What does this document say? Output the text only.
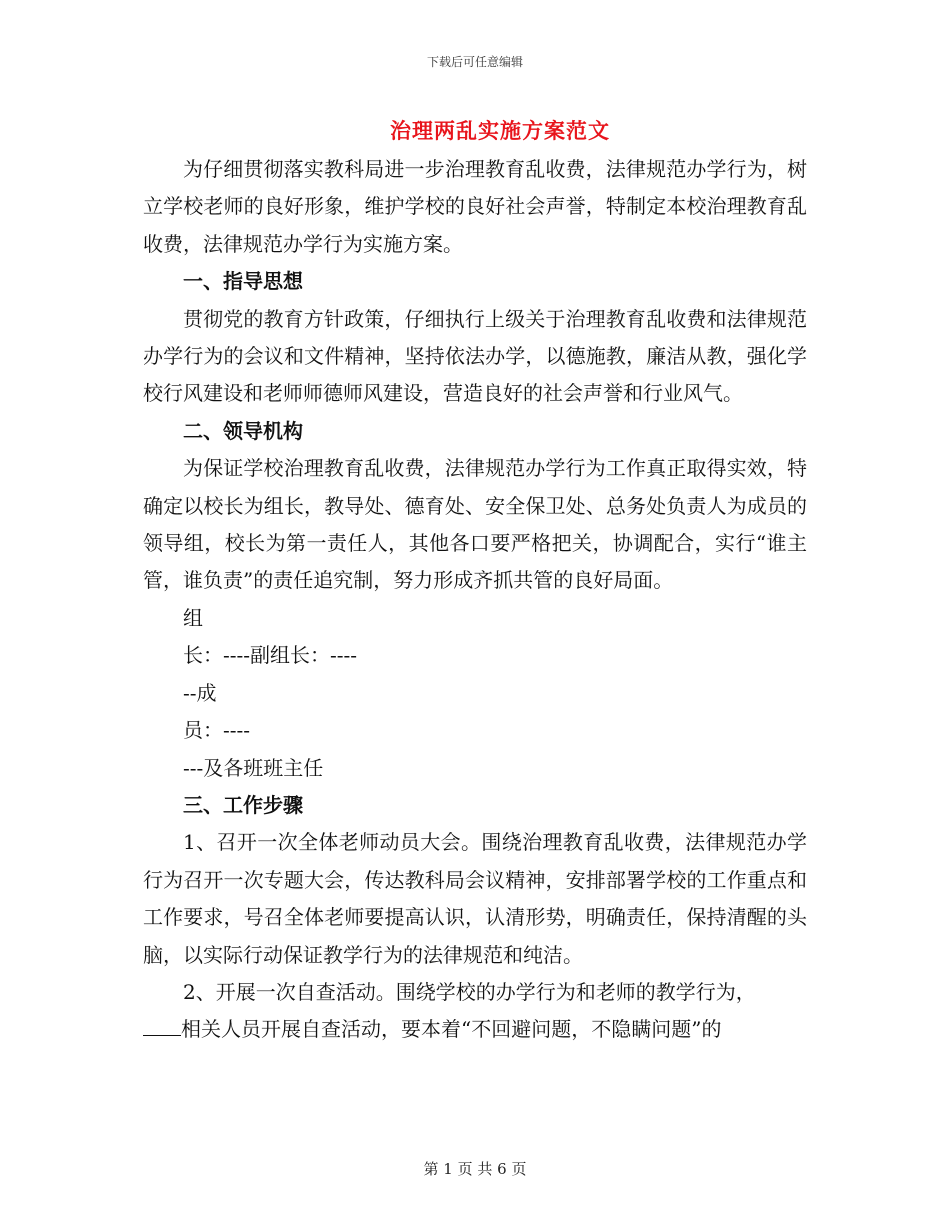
下载后可任意编辑
治理两乱实施方案范文

为仔细贯彻落实教科局进一步治理教育乱收费，法律规范办学行为，树立学校老师的良好形象，维护学校的良好社会声誉，特制定本校治理教育乱收费，法律规范办学行为实施方案。

一、指导思想

贯彻党的教育方针政策，仔细执行上级关于治理教育乱收费和法律规范办学行为的会议和文件精神，坚持依法办学，以德施教，廉洁从教，强化学校行风建设和老师师德师风建设，营造良好的社会声誉和行业风气。

二、领导机构

为保证学校治理教育乱收费，法律规范办学行为工作真正取得实效，特确定以校长为组长，教导处、德育处、安全保卫处、总务处负责人为成员的领导组，校长为第一责任人，其他各口要严格把关，协调配合，实行“谁主管，谁负责”的责任追究制，努力形成齐抓共管的良好局面。

组

长：----副组长：----

--成

员：----

---及各班班主任

三、工作步骤

1、召开一次全体老师动员大会。围绕治理教育乱收费，法律规范办学行为召开一次专题大会，传达教科局会议精神，安排部署学校的工作重点和工作要求，号召全体老师要提高认识，认清形势，明确责任，保持清醒的头脑，以实际行动保证教学行为的法律规范和纯洁。

2、开展一次自查活动。围绕学校的办学行为和老师的教学行为，

相关人员开展自查活动，要本着“不回避问题，不隐瞒问题”的

第 1 页 共 6 页
